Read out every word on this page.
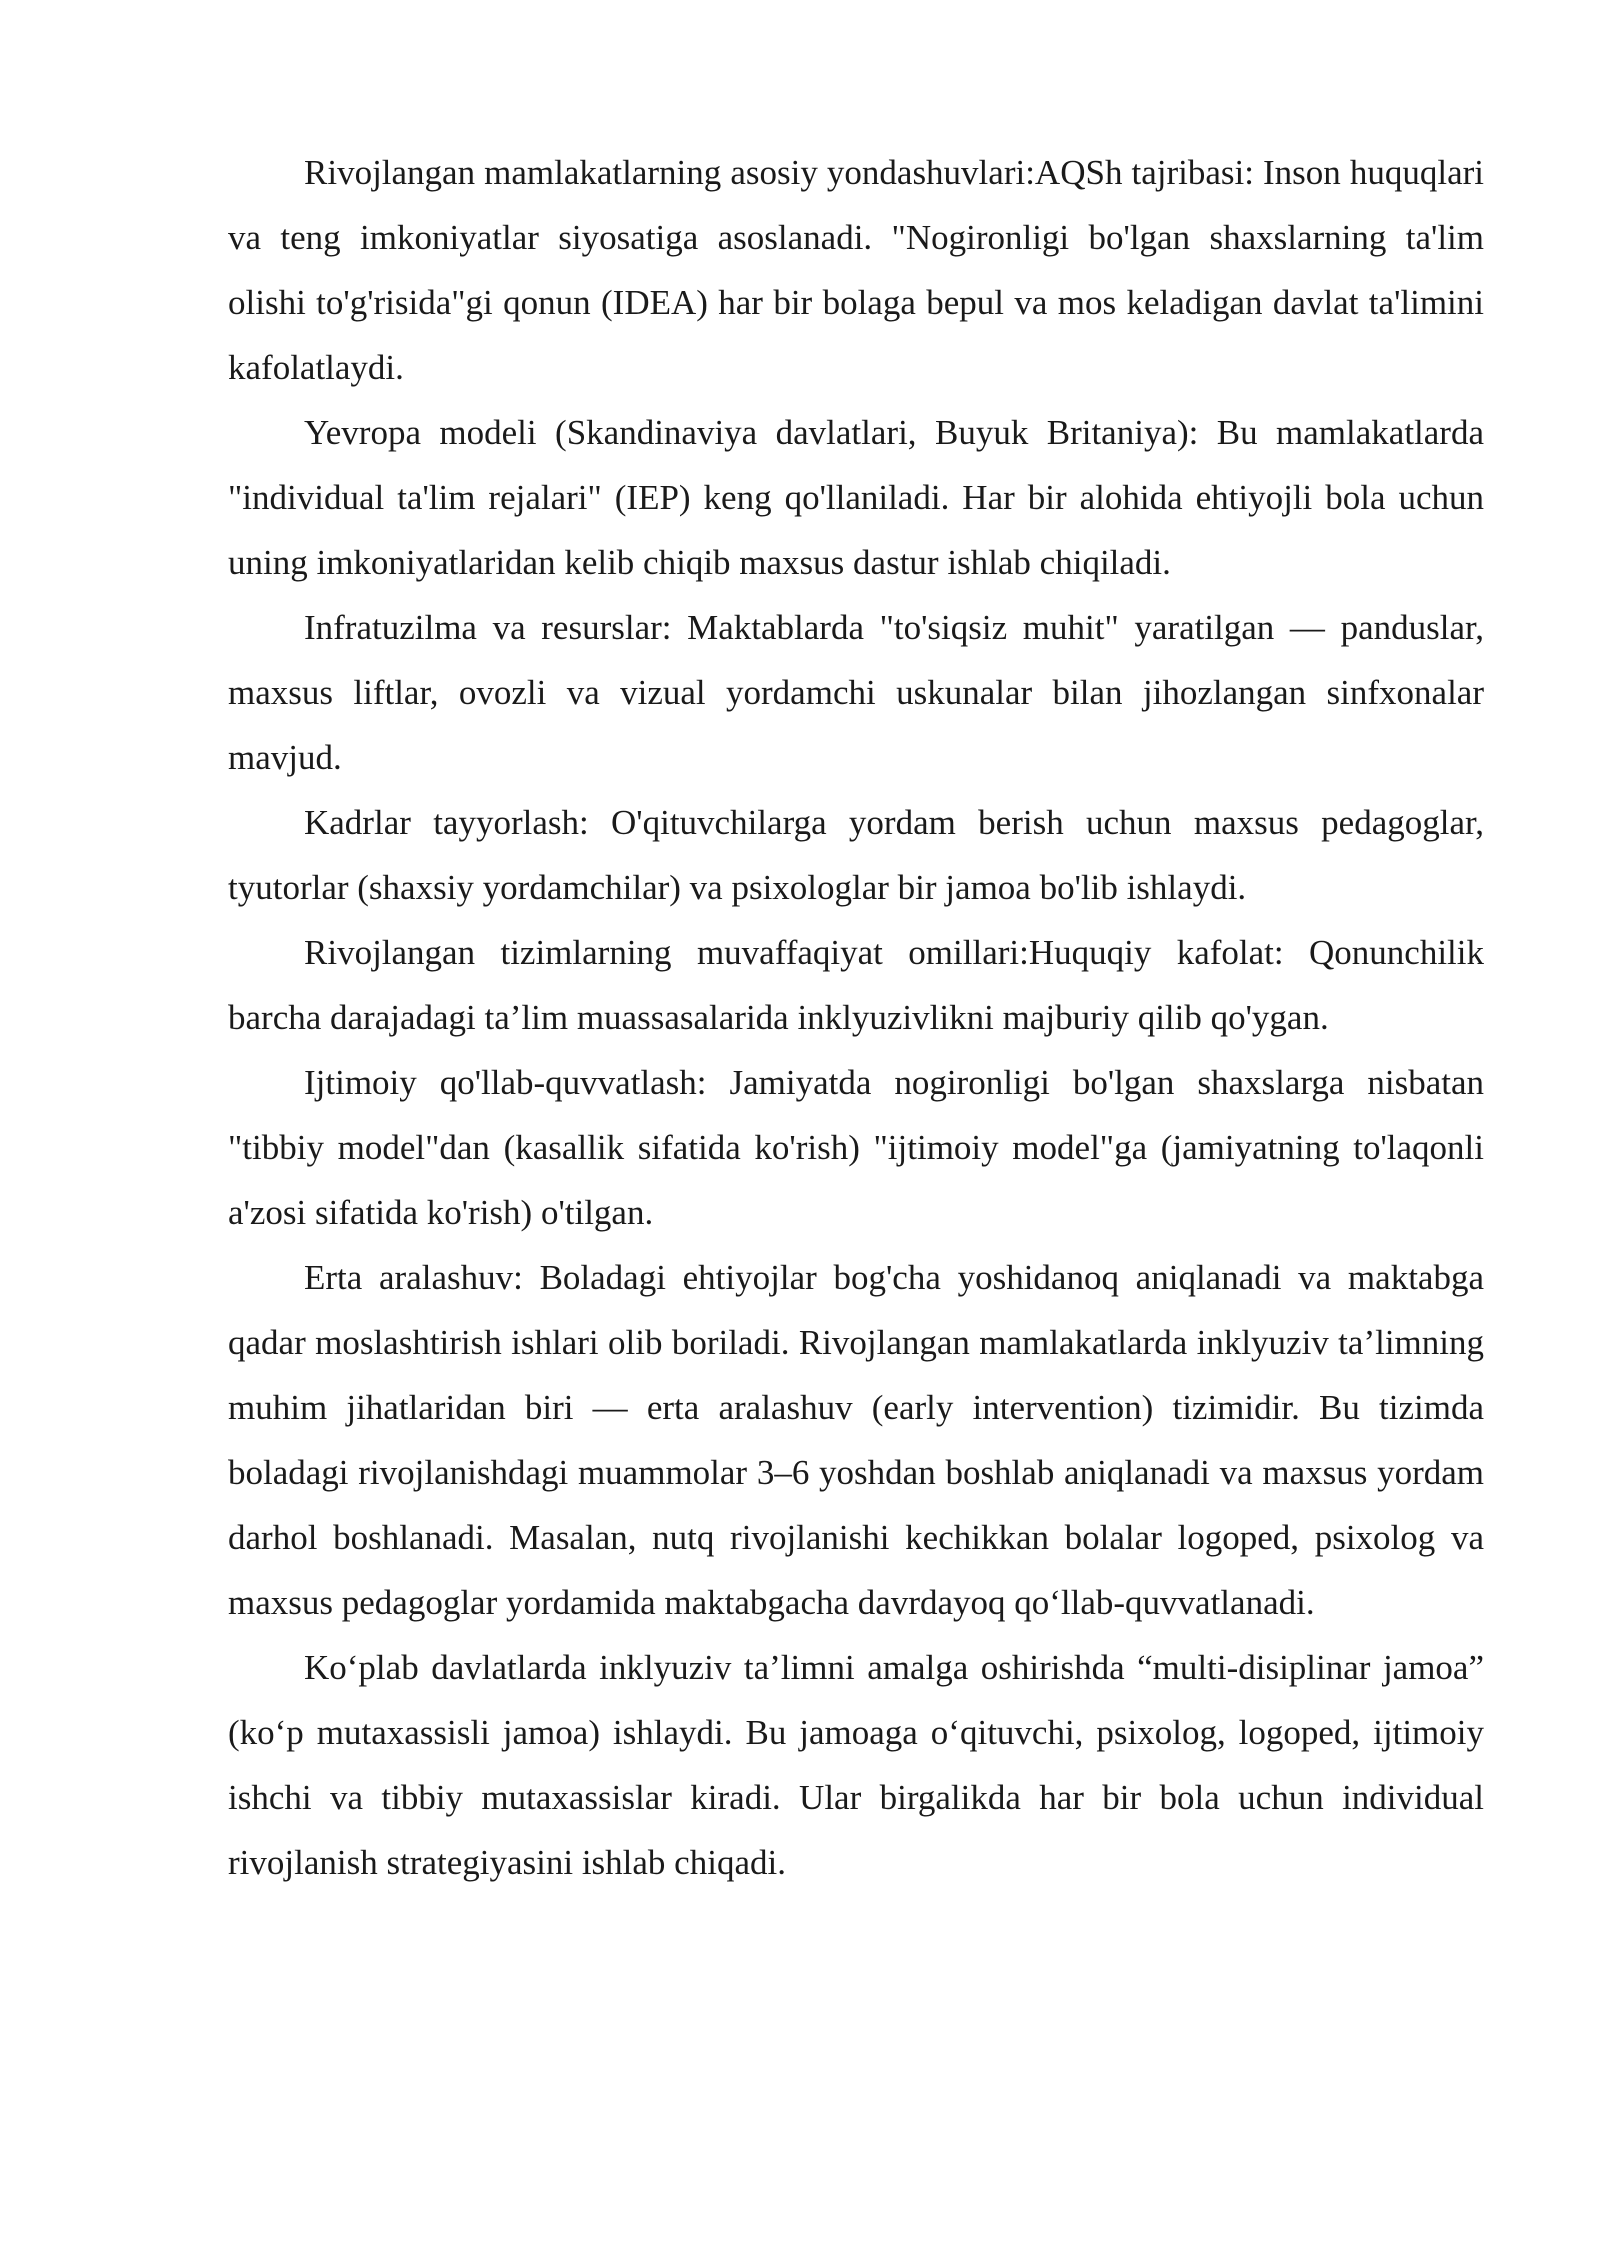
Rivojlangan mamlakatlarning asosiy yondashuvlari:AQSh tajribasi: Inson huquqlari va teng imkoniyatlar siyosatiga asoslanadi. "Nogironligi bo'lgan shaxslarning ta'lim olishi to'g'risida"gi qonun (IDEA) har bir bolaga bepul va mos keladigan davlat ta'limini kafolatlaydi.

Yevropa modeli (Skandinaviya davlatlari, Buyuk Britaniya): Bu mamlakatlarda "individual ta'lim rejalari" (IEP) keng qo'llaniladi. Har bir alohida ehtiyojli bola uchun uning imkoniyatlaridan kelib chiqib maxsus dastur ishlab chiqiladi.

Infratuzilma va resurslar: Maktablarda "to'siqsiz muhit" yaratilgan — panduslar, maxsus liftlar, ovozli va vizual yordamchi uskunalar bilan jihozlangan sinfxonalar mavjud.

Kadrlar tayyorlash: O'qituvchilarga yordam berish uchun maxsus pedagoglar, tyutorlar (shaxsiy yordamchilar) va psixologlar bir jamoa bo'lib ishlaydi.

Rivojlangan tizimlarning muvaffaqiyat omillari:Huquqiy kafolat: Qonunchilik barcha darajadagi ta’lim muassasalarida inklyuzivlikni majburiy qilib qo'ygan.

Ijtimoiy qo'llab-quvvatlash: Jamiyatda nogironligi bo'lgan shaxslarga nisbatan "tibbiy model"dan (kasallik sifatida ko'rish) "ijtimoiy model"ga (jamiyatning to'laqonli a'zosi sifatida ko'rish) o'tilgan.

Erta aralashuv: Boladagi ehtiyojlar bog'cha yoshidanoq aniqlanadi va maktabga qadar moslashtirish ishlari olib boriladi. Rivojlangan mamlakatlarda inklyuziv ta’limning muhim jihatlaridan biri — erta aralashuv (early intervention) tizimidir. Bu tizimda boladagi rivojlanishdagi muammolar 3–6 yoshdan boshlab aniqlanadi va maxsus yordam darhol boshlanadi. Masalan, nutq rivojlanishi kechikkan bolalar logoped, psixolog va maxsus pedagoglar yordamida maktabgacha davrdayoq qo‘llab-quvvatlanadi.

Ko‘plab davlatlarda inklyuziv ta’limni amalga oshirishda “multi-disiplinar jamoa” (ko‘p mutaxassisli jamoa) ishlaydi. Bu jamoaga o‘qituvchi, psixolog, logoped, ijtimoiy ishchi va tibbiy mutaxassislar kiradi. Ular birgalikda har bir bola uchun individual rivojlanish strategiyasini ishlab chiqadi.
